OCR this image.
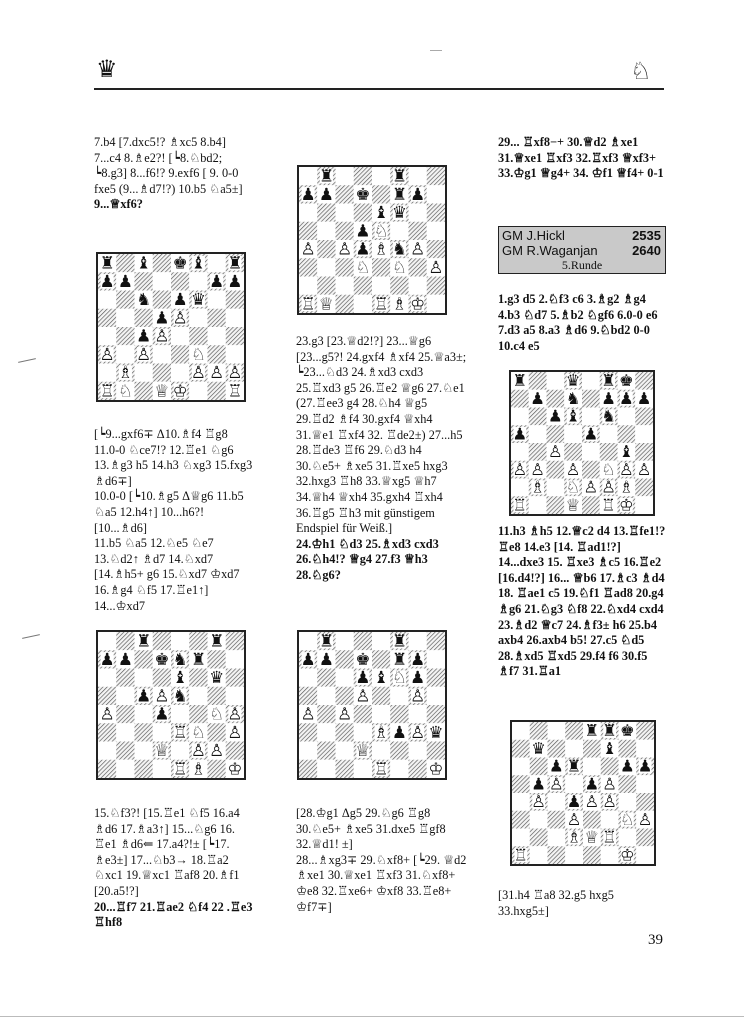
♛	♘

7.b4 [7.dxc5!? ♗xc5 8.b4] 7...c4 8.♗e2?! [┕8.♘bd2; ┕8.g3] 8...f6!? 9.exf6 [ 9. 0-0 fxe5 (9...♗d7!?) 10.b5 ♘a5±]

9...♕xf6?

♜ ♝ ♚ ♝ ♜
♟ ♟	♟ ♟
♞ ♟ ♛
♟ ♙
♟ ♙
♙ ♙ ♘
♗	♙ ♙ ♙
♖ ♘ ♕ ♔ ♖

[┕9...gxf6∓ Δ10.♗f4 ♖g8 11.0-0 ♘ce7!? 12.♖e1 ♘g6 13.♗g3 h5 14.h3 ♘xg3 15.fxg3 ♗d6∓]

10.0-0 [┕10.♗g5 Δ♕g6 11.b5 ♘a5 12.h4↑] 10...h6?! [10...♗d6]

11.b5 ♘a5 12.♘e5 ♘e7 13.♘d2↑ ♗d7 14.♘xd7 [14.♗h5+ g6 15.♘xd7 ♔xd7 16.♗g4 ♘f5 17.♖e1↑] 14...♔xd7

♜	♜
♟ ♟ ♚ ♞ ♜
♝ ♛
♟ ♙ ♞
♙ ♟ ♘ ♙
♖ ♘ ♙
♕ ♙ ♙
♖ ♗ ♔

15.♘f3?! [15.♖e1 ♘f5 16.a4 ♗d6 17.♗a3↑] 15...♘g6 16. ♖e1 ♗d6⇐ 17.a4?!± [┕17. ♗e3±] 17...♘b3→ 18.♖a2 ♘xc1 19.♕xc1 ♖af8 20.♗f1 [20.a5!?]

20...♖f7 21.♖ae2 ♘f4 22 .♖e3 ♖hf8

♜	♜
♟ ♟ ♚ ♜ ♟
♝ ♛
♟ ♘
♙ ♙ ♟ ♗ ♞ ♙
♘ ♘ ♙
♖ ♕ ♖ ♗ ♔

23.g3 [23.♕d2!?] 23...♕g6 [23...g5?! 24.gxf4 ♗xf4 25.♕a3±; ┕23...♘d3 24.♗xd3 cxd3 25.♖xd3 g5 26.♖e2 ♕g6 27.♘e1 (27.♖ee3 g4 28.♘h4 ♕g5 29.♖d2 ♗f4 30.gxf4 ♕xh4 31.♕e1 ♖xf4 32. ♖de2±) 27...h5 28.♖de3 ♖f6 29.♘d3 h4 30.♘e5+ ♗xe5 31.♖xe5 hxg3 32.hxg3 ♖h8 33.♕xg5 ♕h7 34.♕h4 ♕xh4 35.gxh4 ♖xh4 36.♖g5 ♖h3 mit günstigem Endspiel für Weiß.]

24.♔h1 ♘d3 25.♗xd3 cxd3 26.♘h4!? ♕g4 27.f3 ♕h3 28.♘g6?

♜	♜
♟ ♟ ♚ ♜ ♟
♟ ♝ ♘ ♟
♙ ♙
♙ ♙
♗ ♟ ♙ ♛
♕
♖ ♔

[28.♔g1 Δg5 29.♘g6 ♖g8 30.♘e5+ ♗xe5 31.dxe5 ♖gf8 32.♕d1! ±]

28...♗xg3∓ 29.♘xf8+ [┕29. ♕d2 ♗xe1 30.♕xe1 ♖xf3 31.♘xf8+ ♔e8 32.♖xe6+ ♔xf8 33.♖e8+ ♔f7∓]

29... ♖xf8−+ 30.♕d2 ♗xe1 31.♕xe1 ♖xf3 32.♖xf3 ♕xf3+ 33.♔g1 ♕g4+ 34. ♔f1 ♕f4+ 0-1

GM J.Hickl	2535
GM R.Waganjan	2640
5.Runde

1.g3 d5 2.♘f3 c6 3.♗g2 ♗g4 4.b3 ♘d7 5.♗b2 ♘gf6 6.0-0 e6 7.d3 a5 8.a3 ♗d6 9.♘bd2 0-0 10.c4 e5

♜ ♛ ♜ ♚
♟ ♞ ♟ ♟ ♟
♟ ♝ ♞
♟	♟
♙	♝
♙ ♙ ♙ ♘ ♙ ♙
♗ ♘ ♙ ♙ ♗
♖ ♕ ♖ ♔

11.h3 ♗h5 12.♕c2 d4 13.♖fe1!? ♖e8 14.e3 [14. ♖ad1!?] 14...dxe3 15. ♖xe3 ♗c5 16.♖e2 [16.d4!?] 16... ♕b6 17.♗c3 ♗d4 18. ♖ae1 c5 19.♘f1 ♖ad8 20.g4 ♗g6 21.♘g3 ♘f8 22.♘xd4 cxd4 23.♗d2 ♕c7 24.♗f3± h6 25.b4 axb4 26.axb4 b5! 27.c5 ♘d5 28.♗xd5 ♖xd5 29.f4 f6 30.f5 ♗f7 31.♖a1

♜ ♜ ♚
♛	♝
♟ ♜ ♟ ♟
♟ ♙ ♟ ♙
♙ ♟ ♙ ♙
♙ ♘ ♙
♗ ♕ ♖
♖	♔

[31.h4 ♖a8 32.g5 hxg5 33.hxg5±]

39
